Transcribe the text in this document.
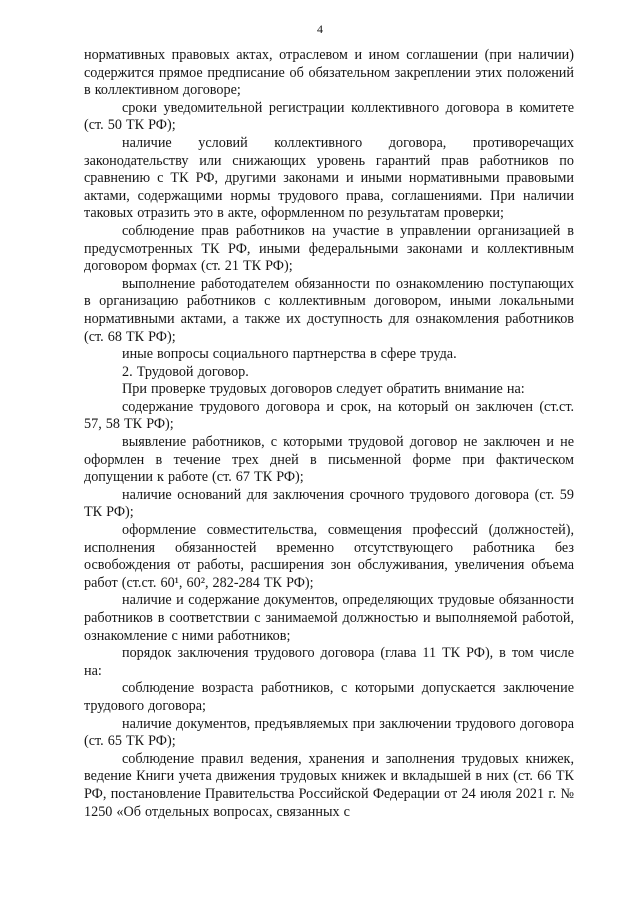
4

нормативных правовых актах, отраслевом и ином соглашении (при наличии) содержится прямое предписание об обязательном закреплении этих положений в коллективном договоре;

сроки уведомительной регистрации коллективного договора в комитете (ст. 50 ТК РФ);

наличие условий коллективного договора, противоречащих законодательству или снижающих уровень гарантий прав работников по сравнению с ТК РФ, другими законами и иными нормативными правовыми актами, содержащими нормы трудового права, соглашениями. При наличии таковых отразить это в акте, оформленном по результатам проверки;

соблюдение прав работников на участие в управлении организацией в предусмотренных ТК РФ, иными федеральными законами и коллективным договором формах (ст. 21 ТК РФ);

выполнение работодателем обязанности по ознакомлению поступающих в организацию работников с коллективным договором, иными локальными нормативными актами, а также их доступность для ознакомления работников (ст. 68 ТК РФ);

иные вопросы социального партнерства в сфере труда.

2. Трудовой договор.

При проверке трудовых договоров следует обратить внимание на:

содержание трудового договора и срок, на который он заключен (ст.ст. 57, 58 ТК РФ);

выявление работников, с которыми трудовой договор не заключен и не оформлен в течение трех дней в письменной форме при фактическом допущении к работе (ст. 67 ТК РФ);

наличие оснований для заключения срочного трудового договора (ст. 59 ТК РФ);

оформление совместительства, совмещения профессий (должностей), исполнения обязанностей временно отсутствующего работника без освобождения от работы, расширения зон обслуживания, увеличения объема работ (ст.ст. 60¹, 60², 282-284 ТК РФ);

наличие и содержание документов, определяющих трудовые обязанности работников в соответствии с занимаемой должностью и выполняемой работой, ознакомление с ними работников;

порядок заключения трудового договора (глава 11 ТК РФ), в том числе на:

соблюдение возраста работников, с которыми допускается заключение трудового договора;

наличие документов, предъявляемых при заключении трудового договора (ст. 65 ТК РФ);

соблюдение правил ведения, хранения и заполнения трудовых книжек, ведение Книги учета движения трудовых книжек и вкладышей в них (ст. 66 ТК РФ, постановление Правительства Российской Федерации от 24 июля 2021 г. № 1250 «Об отдельных вопросах, связанных с
